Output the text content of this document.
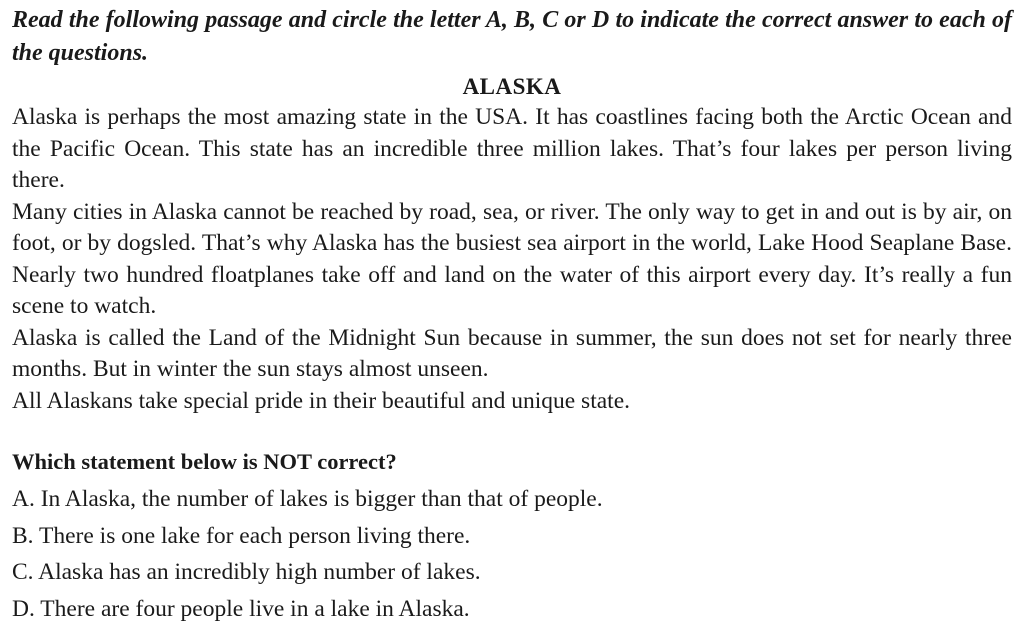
Read the following passage and circle the letter A, B, C or D to indicate the correct answer to each of the questions.

ALASKA

Alaska is perhaps the most amazing state in the USA. It has coastlines facing both the Arctic Ocean and the Pacific Ocean. This state has an incredible three million lakes. That’s four lakes per person living there.

Many cities in Alaska cannot be reached by road, sea, or river. The only way to get in and out is by air, on foot, or by dogsled. That’s why Alaska has the busiest sea airport in the world, Lake Hood Seaplane Base. Nearly two hundred floatplanes take off and land on the water of this airport every day. It’s really a fun scene to watch.

Alaska is called the Land of the Midnight Sun because in summer, the sun does not set for nearly three months. But in winter the sun stays almost unseen.

All Alaskans take special pride in their beautiful and unique state.

Which statement below is NOT correct?

A. In Alaska, the number of lakes is bigger than that of people.

B. There is one lake for each person living there.

C. Alaska has an incredibly high number of lakes.

D. There are four people live in a lake in Alaska.
